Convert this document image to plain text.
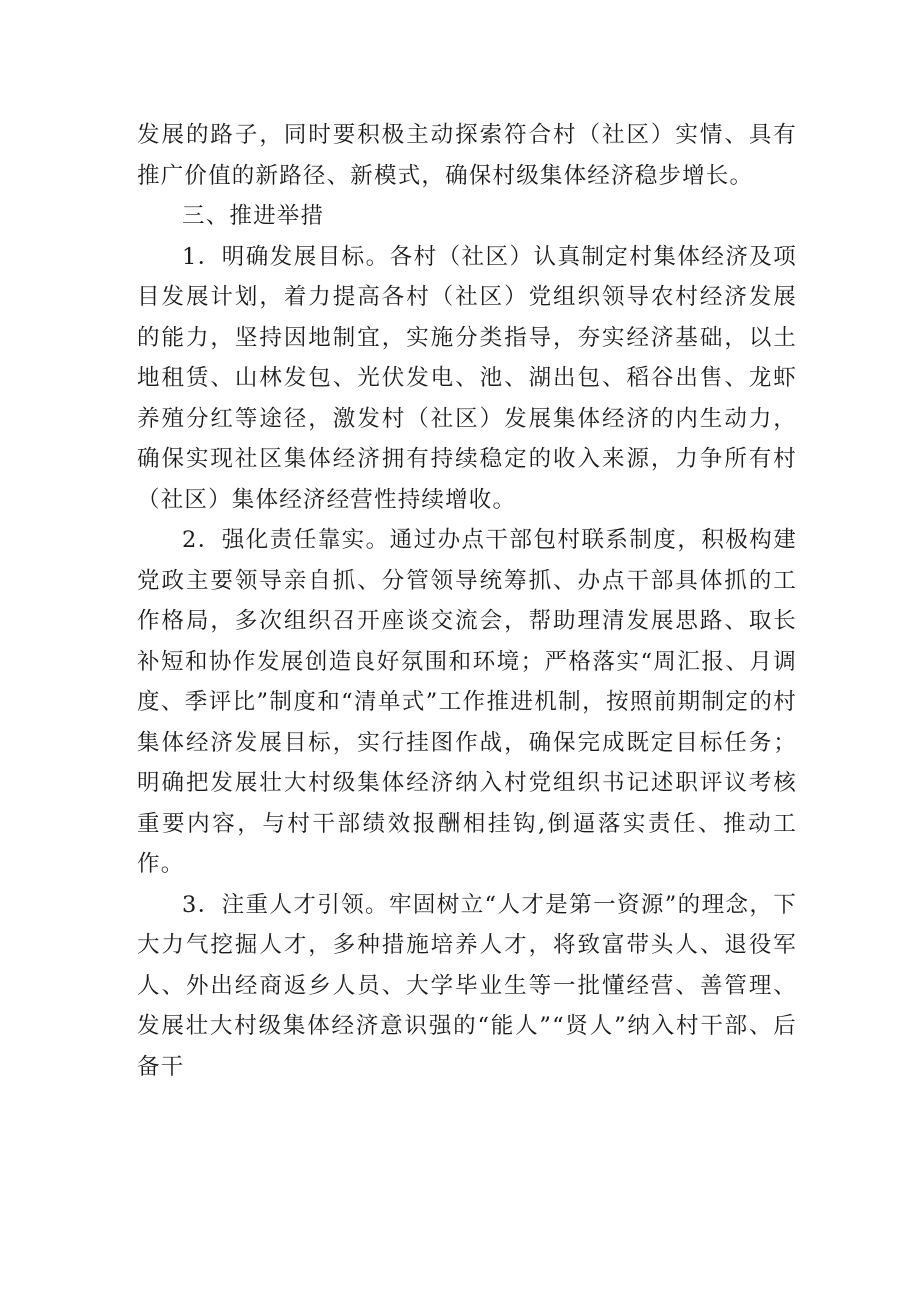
发展的路子，同时要积极主动探索符合村（社区）实情、具有推广价值的新路径、新模式，确保村级集体经济稳步增长。

三、推进举措

1．明确发展目标。各村（社区）认真制定村集体经济及项目发展计划，着力提高各村（社区）党组织领导农村经济发展的能力，坚持因地制宜，实施分类指导，夯实经济基础，以土地租赁、山林发包、光伏发电、池、湖出包、稻谷出售、龙虾养殖分红等途径，激发村（社区）发展集体经济的内生动力，确保实现社区集体经济拥有持续稳定的收入来源，力争所有村（社区）集体经济经营性持续增收。

2．强化责任靠实。通过办点干部包村联系制度，积极构建党政主要领导亲自抓、分管领导统筹抓、办点干部具体抓的工作格局，多次组织召开座谈交流会，帮助理清发展思路、取长补短和协作发展创造良好氛围和环境；严格落实“周汇报、月调度、季评比”制度和“清单式”工作推进机制，按照前期制定的村集体经济发展目标，实行挂图作战，确保完成既定目标任务；明确把发展壮大村级集体经济纳入村党组织书记述职评议考核重要内容，与村干部绩效报酬相挂钩,倒逼落实责任、推动工作。

3．注重人才引领。牢固树立“人才是第一资源”的理念，下大力气挖掘人才，多种措施培养人才，将致富带头人、退役军人、外出经商返乡人员、大学毕业生等一批懂经营、善管理、发展壮大村级集体经济意识强的“能人”“贤人”纳入村干部、后备干
